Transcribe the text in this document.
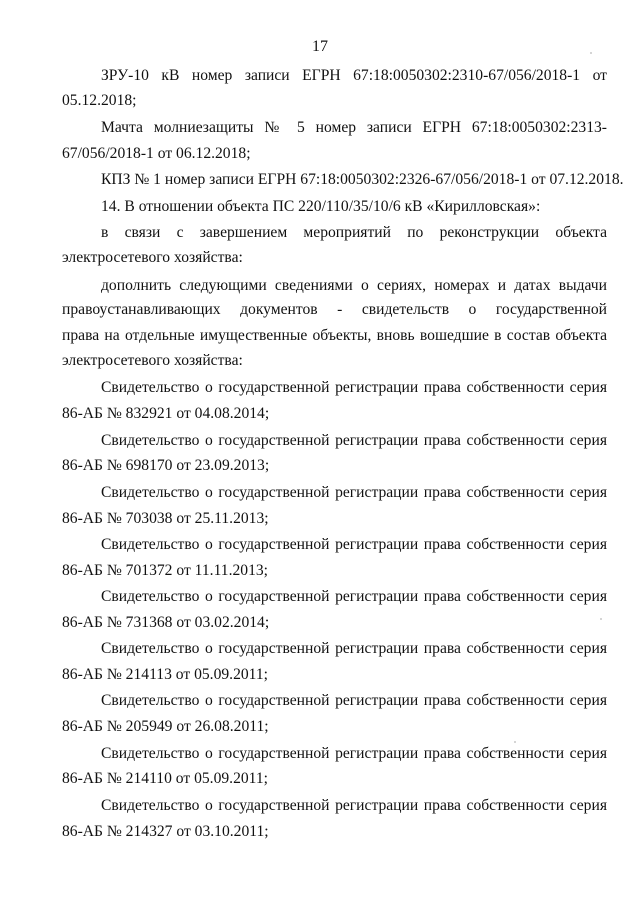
17

ЗРУ-10 кВ номер записи ЕГРН 67:18:0050302:2310-67/056/2018-1 от

05.12.2018;

Мачта молниезащиты № 5 номер записи ЕГРН 67:18:0050302:2313-

67/056/2018-1 от 06.12.2018;

КПЗ № 1 номер записи ЕГРН 67:18:0050302:2326-67/056/2018-1 от 07.12.2018.

14. В отношении объекта ПС 220/110/35/10/6 кВ «Кирилловская»:

в связи с завершением мероприятий по реконструкции объекта

электросетевого хозяйства:

дополнить следующими сведениями о сериях, номерах и датах выдачи

правоустанавливающих документов - свидетельств о государственной

права на отдельные имущественные объекты, вновь вошедшие в состав объекта

электросетевого хозяйства:

Свидетельство о государственной регистрации права собственности серия

86-АБ № 832921 от 04.08.2014;

Свидетельство о государственной регистрации права собственности серия

86-АБ № 698170 от 23.09.2013;

Свидетельство о государственной регистрации права собственности серия

86-АБ № 703038 от 25.11.2013;

Свидетельство о государственной регистрации права собственности серия

86-АБ № 701372 от 11.11.2013;

Свидетельство о государственной регистрации права собственности серия

86-АБ № 731368 от 03.02.2014;

Свидетельство о государственной регистрации права собственности серия

86-АБ № 214113 от 05.09.2011;

Свидетельство о государственной регистрации права собственности серия

86-АБ № 205949 от 26.08.2011;

Свидетельство о государственной регистрации права собственности серия

86-АБ № 214110 от 05.09.2011;

Свидетельство о государственной регистрации права собственности серия

86-АБ № 214327 от 03.10.2011;
